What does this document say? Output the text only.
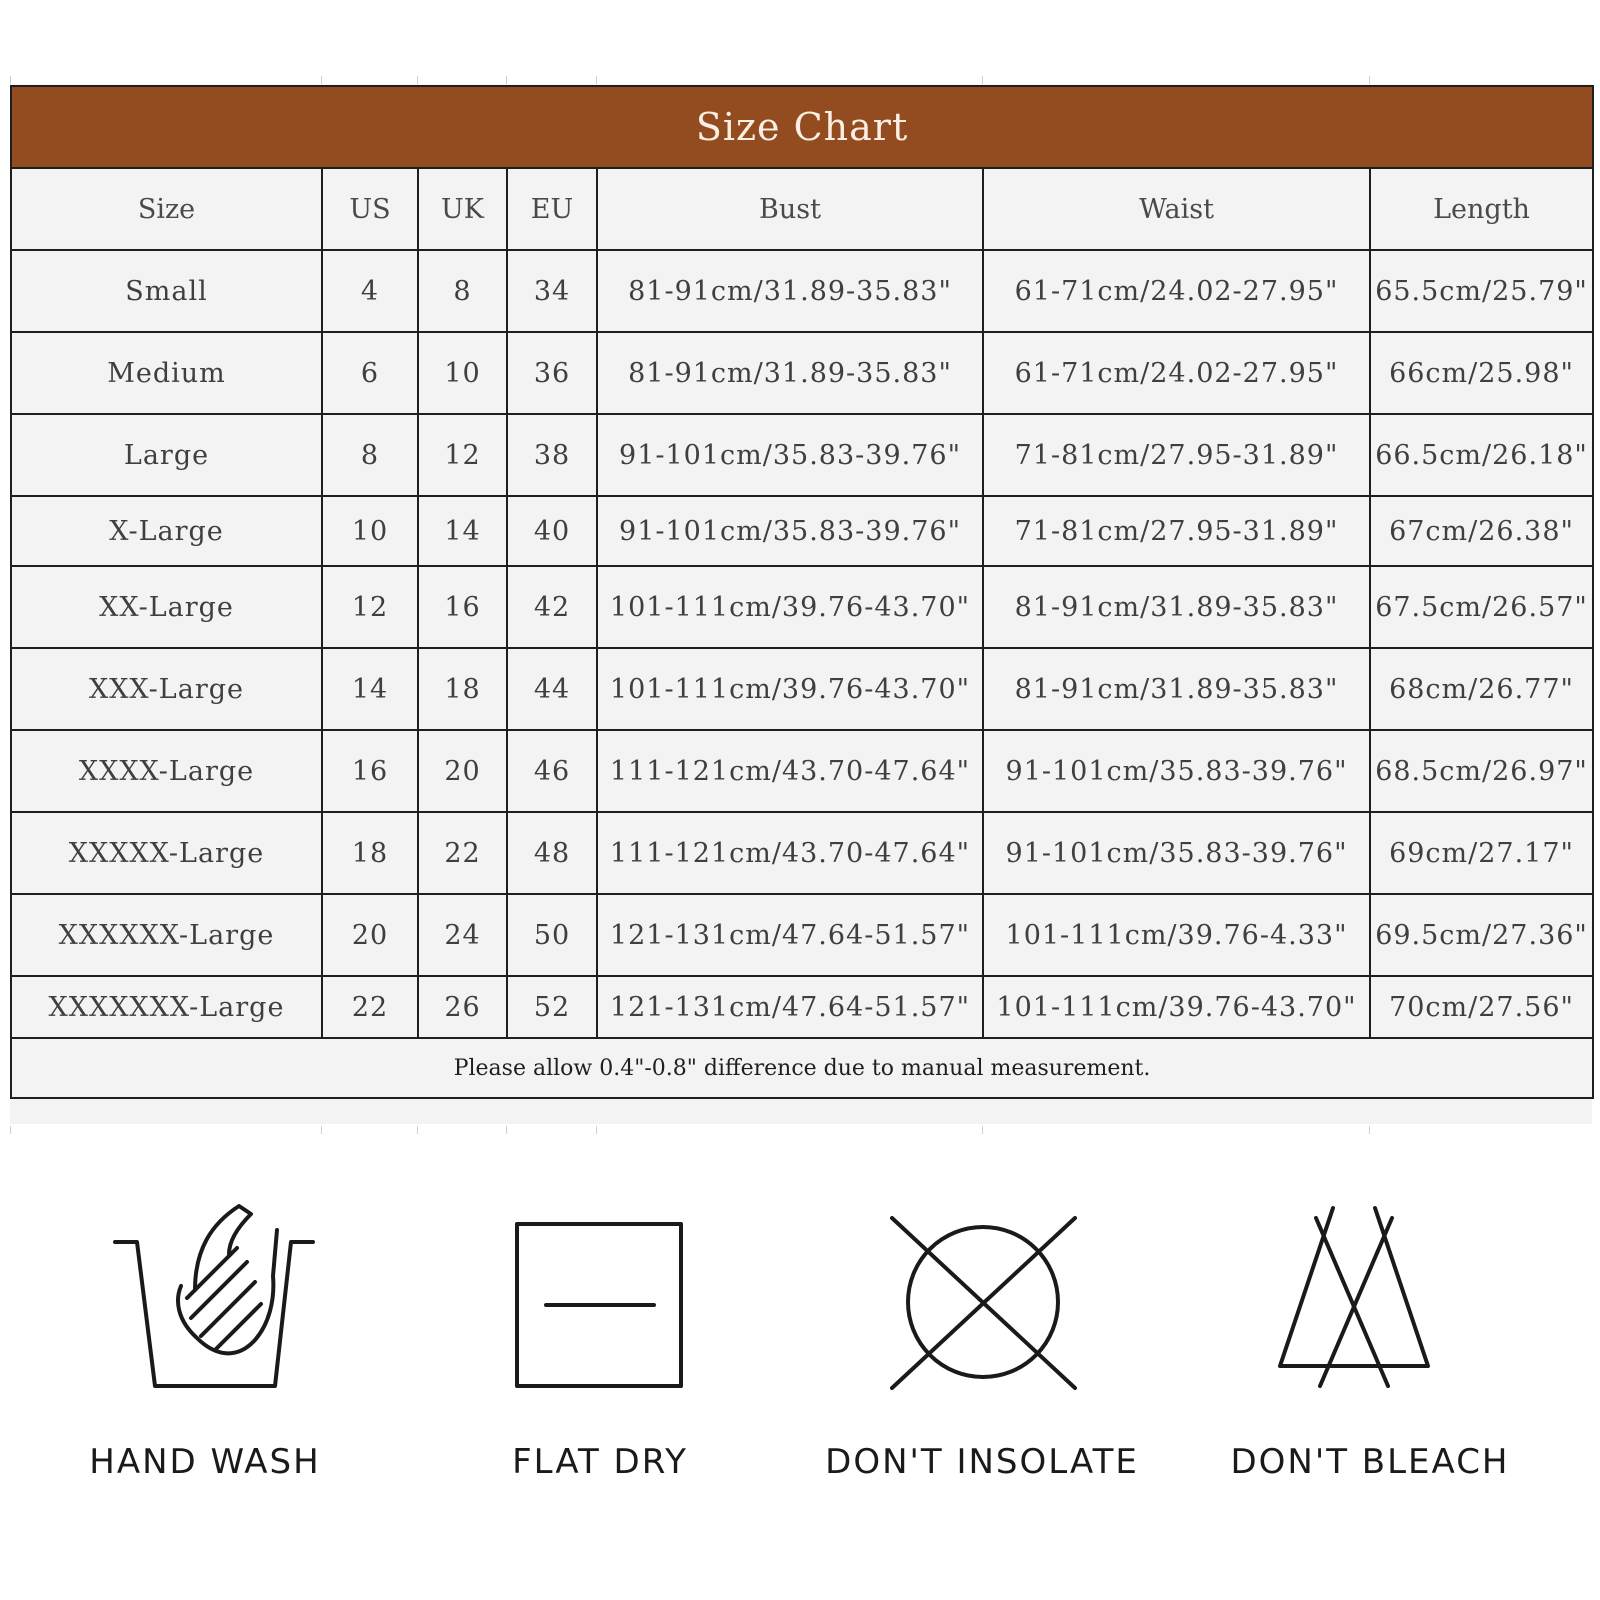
Size Chart						
Size	US	UK	EU	Bust	Waist	Length
Small	4	8	34	81-91cm/31.89-35.83"	61-71cm/24.02-27.95"	65.5cm/25.79"
Medium	6	10	36	81-91cm/31.89-35.83"	61-71cm/24.02-27.95"	66cm/25.98"
Large	8	12	38	91-101cm/35.83-39.76"	71-81cm/27.95-31.89"	66.5cm/26.18"
X-Large	10	14	40	91-101cm/35.83-39.76"	71-81cm/27.95-31.89"	67cm/26.38"
XX-Large	12	16	42	101-111cm/39.76-43.70"	81-91cm/31.89-35.83"	67.5cm/26.57"
XXX-Large	14	18	44	101-111cm/39.76-43.70"	81-91cm/31.89-35.83"	68cm/26.77"
XXXX-Large	16	20	46	111-121cm/43.70-47.64"	91-101cm/35.83-39.76"	68.5cm/26.97"
XXXXX-Large	18	22	48	111-121cm/43.70-47.64"	91-101cm/35.83-39.76"	69cm/27.17"
XXXXXX-Large	20	24	50	121-131cm/47.64-51.57"	101-111cm/39.76-4.33"	69.5cm/27.36"
XXXXXXX-Large	22	26	52	121-131cm/47.64-51.57"	101-111cm/39.76-43.70"	70cm/27.56"
Please allow 0.4"-0.8" difference due to manual measurement.						
HAND WASH	FLAT DRY	DON'T INSOLATE	DON'T BLEACH
